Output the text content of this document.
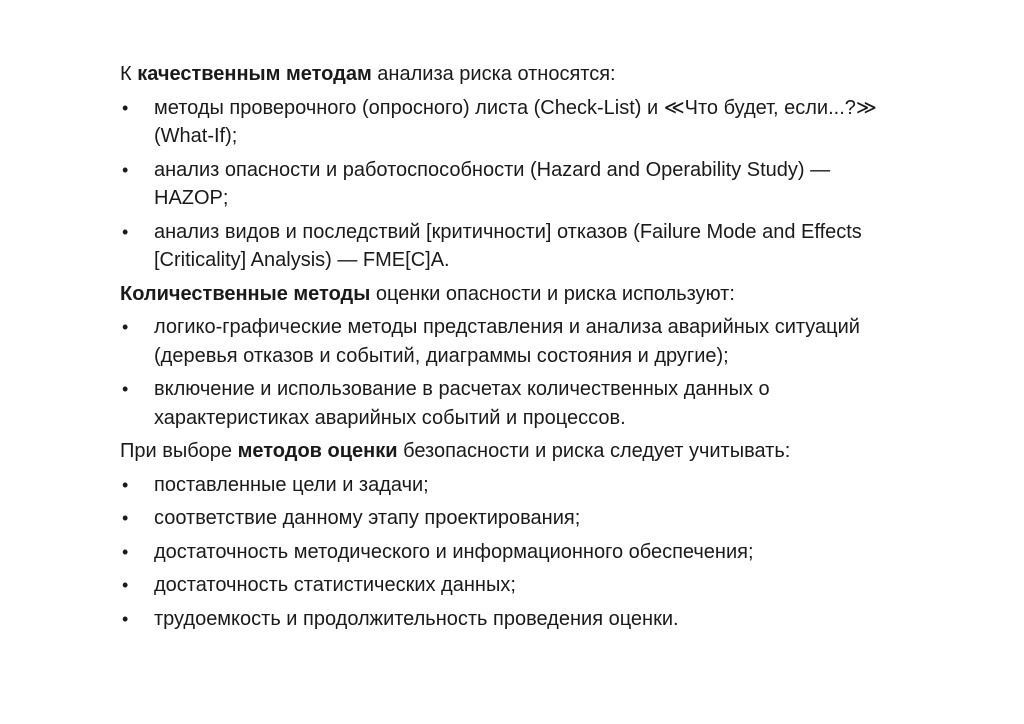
К качественным методам анализа риска относятся:

• методы проверочного (опросного) листа (Check-List) и ≪Что будет, если...?≫ (What-If);
• анализ опасности и работоспособности (Hazard and Operability Study) — HAZOP;
• анализ видов и последствий [критичности] отказов (Failure Mode and Effects [Criticality] Analysis) — FME[C]A.

Количественные методы оценки опасности и риска используют:

• логико-графические методы представления и анализа аварийных ситуаций (деревья отказов и событий, диаграммы состояния и другие);
• включение и использование в расчетах количественных данных о характеристиках аварийных событий и процессов.

При выборе методов оценки безопасности и риска следует учитывать:

• поставленные цели и задачи;
• соответствие данному этапу проектирования;
• достаточность методического и информационного обеспечения;
• достаточность статистических данных;
• трудоемкость и продолжительность проведения оценки.
